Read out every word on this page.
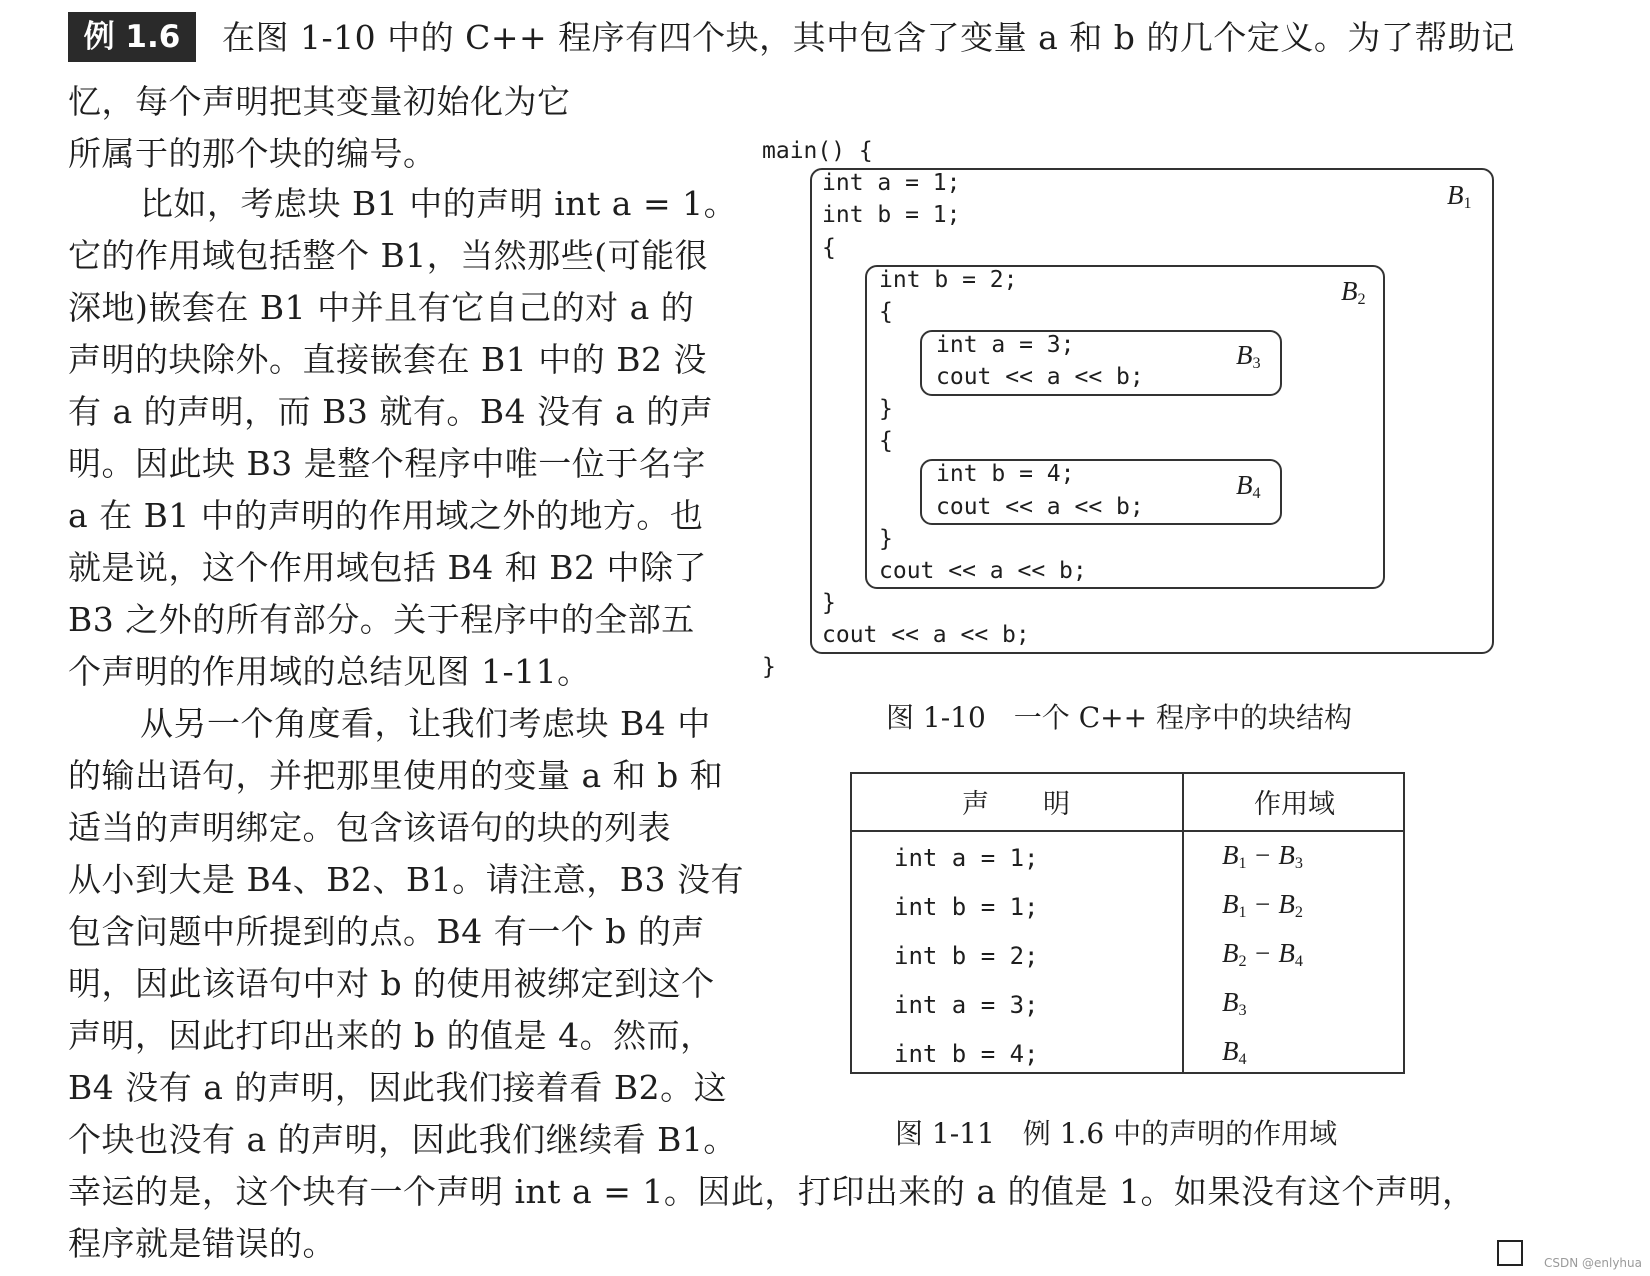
例 1.6	在图 1-10 中的 C++ 程序有四个块，其中包含了变量 a 和 b 的几个定义。为了帮助记
忆，每个声明把其变量初始化为它
所属于的那个块的编号。
比如，考虑块 B1 中的声明 int a = 1。
它的作用域包括整个 B1，当然那些(可能很
深地)嵌套在 B1 中并且有它自己的对 a 的
声明的块除外。直接嵌套在 B1 中的 B2 没
有 a 的声明，而 B3 就有。B4 没有 a 的声
明。因此块 B3 是整个程序中唯一位于名字
a 在 B1 中的声明的作用域之外的地方。也
就是说，这个作用域包括 B4 和 B2 中除了
B3 之外的所有部分。关于程序中的全部五
个声明的作用域的总结见图 1-11。
从另一个角度看，让我们考虑块 B4 中
的输出语句，并把那里使用的变量 a 和 b 和
适当的声明绑定。包含该语句的块的列表
从小到大是 B4、B2、B1。请注意，B3 没有
包含问题中所提到的点。B4 有一个 b 的声
明，因此该语句中对 b 的使用被绑定到这个
声明，因此打印出来的 b 的值是 4。然而，
B4 没有 a 的声明，因此我们接着看 B2。这
个块也没有 a 的声明，因此我们继续看 B1。
幸运的是，这个块有一个声明 int a = 1。因此，打印出来的 a 的值是 1。如果没有这个声明，
程序就是错误的。
main() {
$B_1$
int a = 1;
int b = 1;
{
$B_2$
int b = 2;
{
$B_3$
int a = 3;
cout << a << b;
}
{
$B_4$
int b = 4;
cout << a << b;
}
cout << a << b;
}
cout << a << b;
}
图 1-10　一个 C++ 程序中的块结构
声　　明	作用域
int a = 1;	$B_1 - B_3$
int b = 1;	$B_1 - B_2$
int b = 2;	$B_2 - B_4$
int a = 3;	$B_3$
int b = 4;	$B_4$
图 1-11　例 1.6 中的声明的作用域
CSDN @enlyhua
